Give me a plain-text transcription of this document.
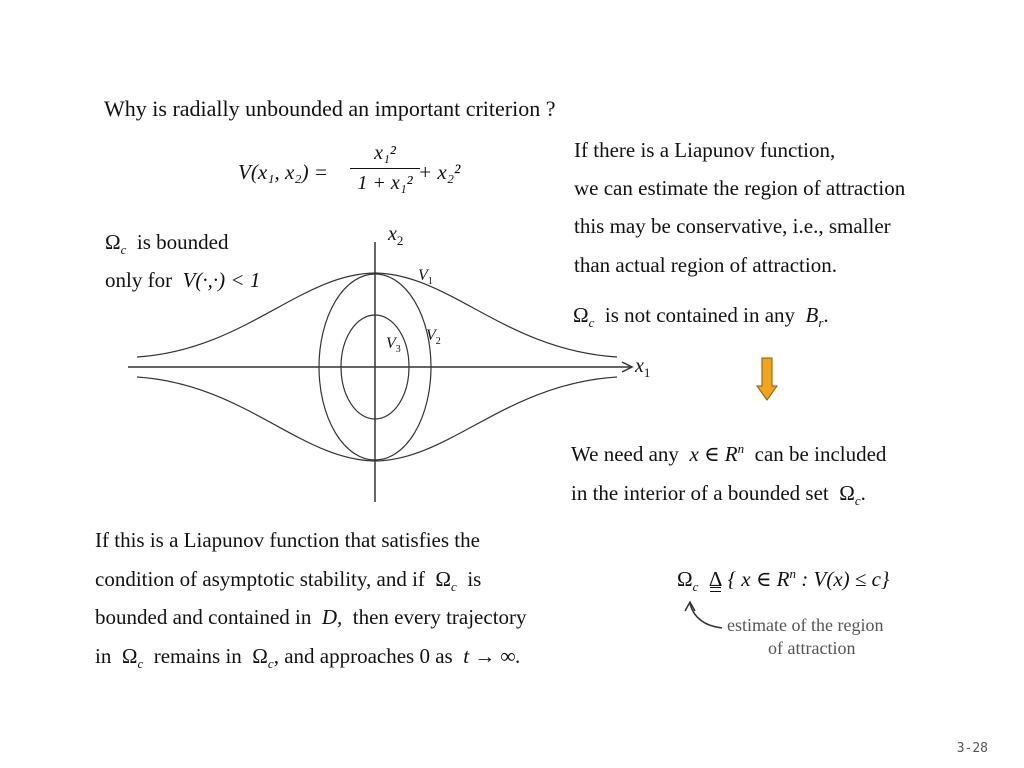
Why is radially unbounded an important criterion ?
V(x₁, x₂) =
x₁²
1 + x₁² + x₂²
If there is a Liapunov function,
we can estimate the region of attraction
this may be conservative, i.e., smaller
than actual region of attraction.
$\Omega_c$ is bounded
only for V(·,·) < 1
$x_2$
$x_1$
$V_1$
$V_2$
$V_3$
$\Omega_c$ is not contained in any $B_r$.
We need any x ∈ $R^n$ can be included
in the interior of a bounded set $\Omega_c$.
If this is a Liapunov function that satisfies the
condition of asymptotic stability, and if $\Omega_c$ is
bounded and contained in D, then every trajectory
in $\Omega_c$ remains in $\Omega_c$, and approaches 0 as t → ∞.
$\Omega_c$ Δ { x ∈ $R^n$ : V(x) ≤ c}
estimate of the region
of attraction
3-28
